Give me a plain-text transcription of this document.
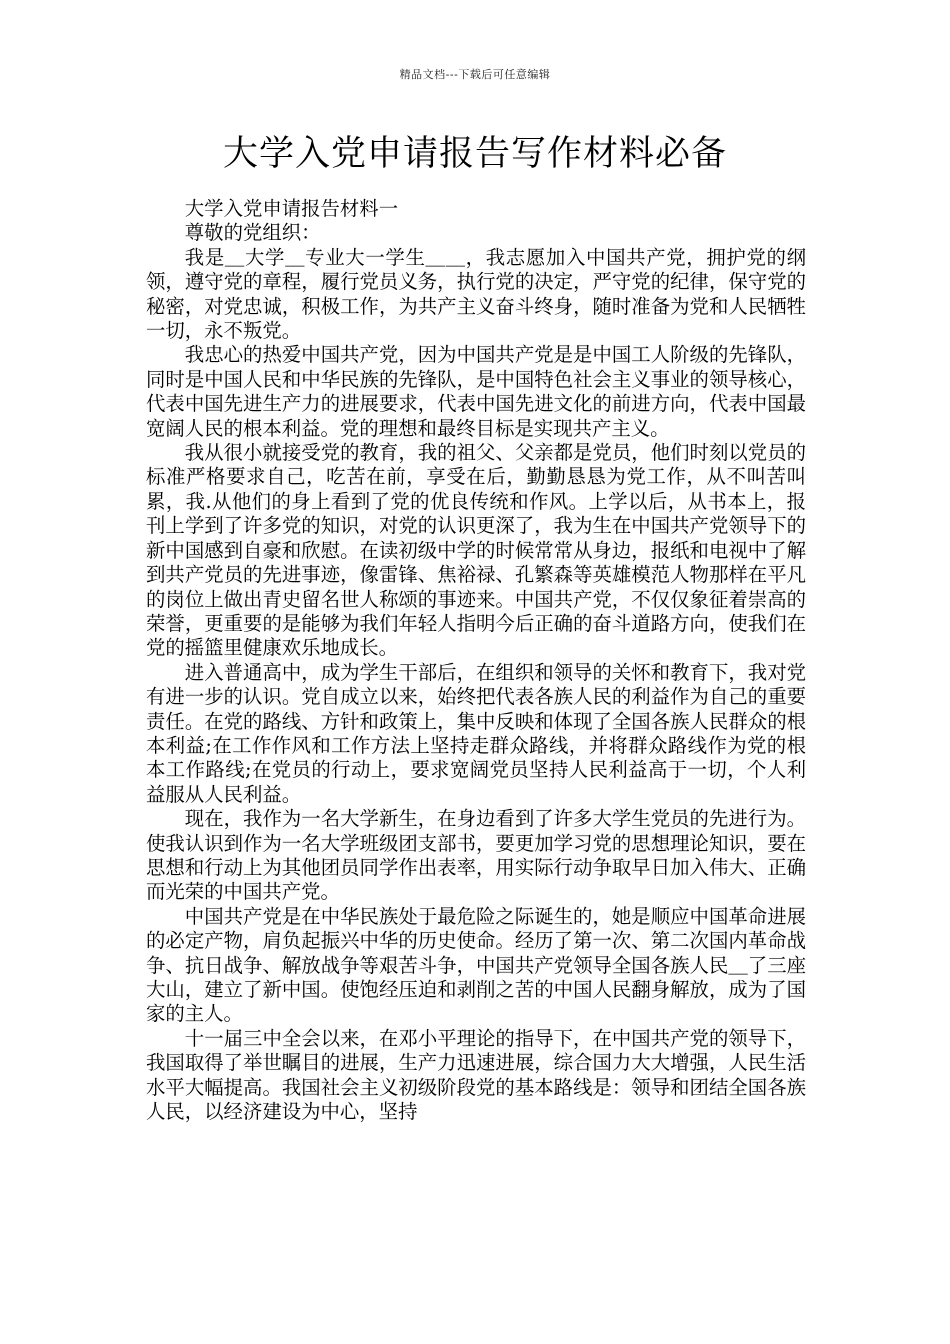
精品文档---下载后可任意编辑
大学入党申请报告写作材料必备

大学入党申请报告材料一

尊敬的党组织：

我是＿大学＿专业大一学生＿＿，我志愿加入中国共产党，拥护党的纲领，遵守党的章程，履行党员义务，执行党的决定，严守党的纪律，保守党的秘密，对党忠诚，积极工作，为共产主义奋斗终身，随时准备为党和人民牺牲一切，永不叛党。

我忠心的热爱中国共产党，因为中国共产党是是中国工人阶级的先锋队，同时是中国人民和中华民族的先锋队，是中国特色社会主义事业的领导核心，代表中国先进生产力的进展要求，代表中国先进文化的前进方向，代表中国最宽阔人民的根本利益。党的理想和最终目标是实现共产主义。

我从很小就接受党的教育，我的祖父、父亲都是党员，他们时刻以党员的标准严格要求自己，吃苦在前，享受在后，勤勤恳恳为党工作，从不叫苦叫累，我.从他们的身上看到了党的优良传统和作风。上学以后，从书本上，报刊上学到了许多党的知识，对党的认识更深了，我为生在中国共产党领导下的新中国感到自豪和欣慰。在读初级中学的时候常常从身边，报纸和电视中了解到共产党员的先进事迹，像雷锋、焦裕禄、孔繁森等英雄模范人物那样在平凡的岗位上做出青史留名世人称颂的事迹来。中国共产党，不仅仅象征着崇高的荣誉，更重要的是能够为我们年轻人指明今后正确的奋斗道路方向，使我们在党的摇篮里健康欢乐地成长。

进入普通高中，成为学生干部后，在组织和领导的关怀和教育下，我对党有进一步的认识。党自成立以来，始终把代表各族人民的利益作为自己的重要责任。在党的路线、方针和政策上，集中反映和体现了全国各族人民群众的根本利益;在工作作风和工作方法上坚持走群众路线，并将群众路线作为党的根本工作路线;在党员的行动上，要求宽阔党员坚持人民利益高于一切，个人利益服从人民利益。

现在，我作为一名大学新生，在身边看到了许多大学生党员的先进行为。使我认识到作为一名大学班级团支部书，要更加学习党的思想理论知识，要在思想和行动上为其他团员同学作出表率，用实际行动争取早日加入伟大、正确而光荣的中国共产党。

中国共产党是在中华民族处于最危险之际诞生的，她是顺应中国革命进展的必定产物，肩负起振兴中华的历史使命。经历了第一次、第二次国内革命战争、抗日战争、解放战争等艰苦斗争，中国共产党领导全国各族人民＿了三座大山，建立了新中国。使饱经压迫和剥削之苦的中国人民翻身解放，成为了国家的主人。

十一届三中全会以来，在邓小平理论的指导下，在中国共产党的领导下，我国取得了举世瞩目的进展，生产力迅速进展，综合国力大大增强，人民生活水平大幅提高。我国社会主义初级阶段党的基本路线是：领导和团结全国各族人民，以经济建设为中心，坚持
